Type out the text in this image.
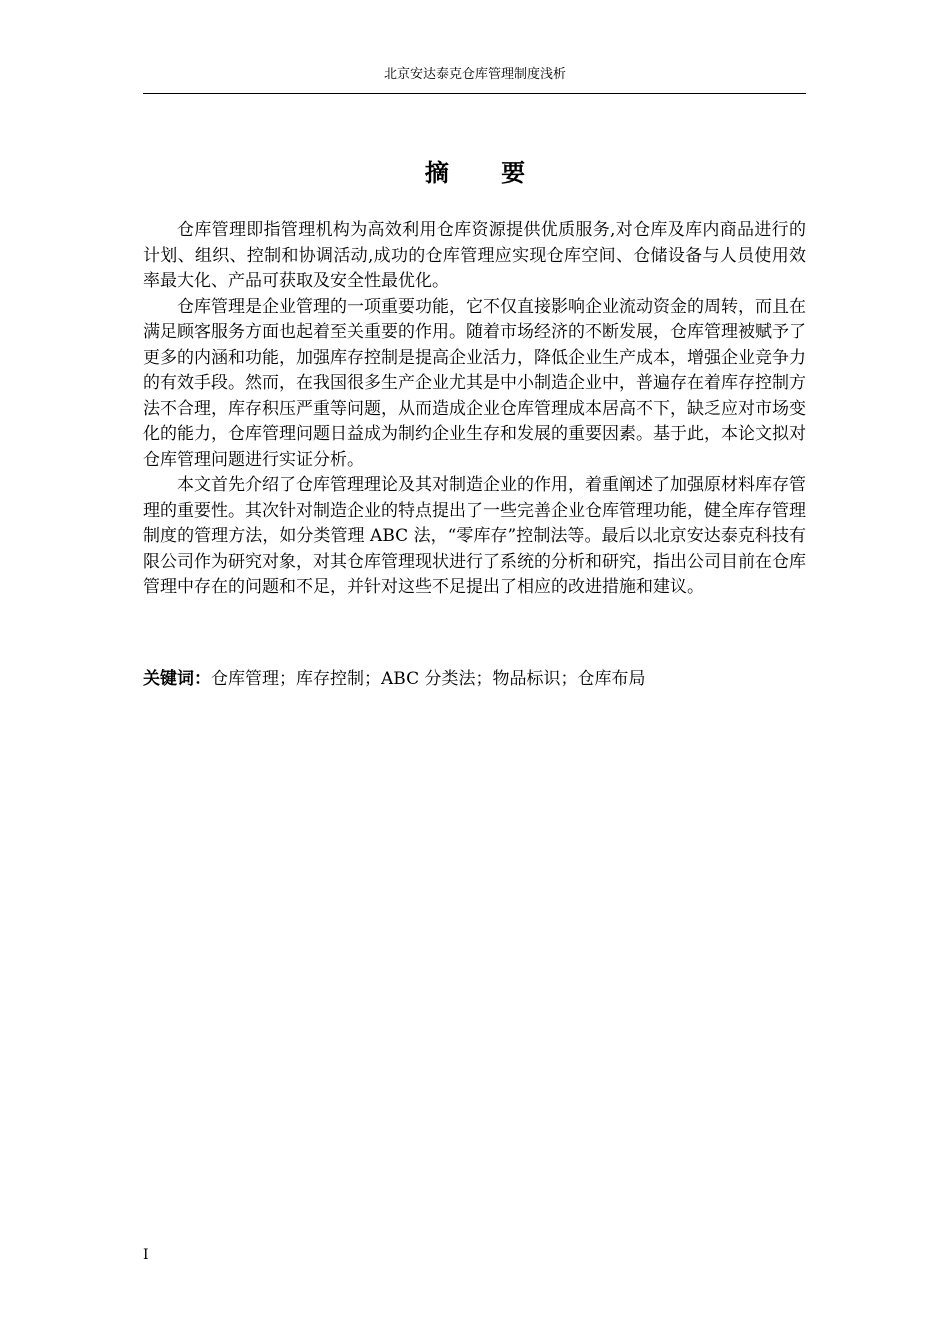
北京安达泰克仓库管理制度浅析
摘 要

仓库管理即指管理机构为高效利用仓库资源提供优质服务,对仓库及库内商品进行的计划、组织、控制和协调活动,成功的仓库管理应实现仓库空间、仓储设备与人员使用效率最大化、产品可获取及安全性最优化。

仓库管理是企业管理的一项重要功能，它不仅直接影响企业流动资金的周转，而且在满足顾客服务方面也起着至关重要的作用。随着市场经济的不断发展，仓库管理被赋予了更多的内涵和功能，加强库存控制是提高企业活力，降低企业生产成本，增强企业竞争力的有效手段。然而，在我国很多生产企业尤其是中小制造企业中，普遍存在着库存控制方法不合理，库存积压严重等问题，从而造成企业仓库管理成本居高不下，缺乏应对市场变化的能力，仓库管理问题日益成为制约企业生存和发展的重要因素。基于此，本论文拟对仓库管理问题进行实证分析。

本文首先介绍了仓库管理理论及其对制造企业的作用，着重阐述了加强原材料库存管理的重要性。其次针对制造企业的特点提出了一些完善企业仓库管理功能，健全库存管理制度的管理方法，如分类管理 ABC 法，“零库存”控制法等。最后以北京安达泰克科技有限公司作为研究对象，对其仓库管理现状进行了系统的分析和研究，指出公司目前在仓库管理中存在的问题和不足，并针对这些不足提出了相应的改进措施和建议。

关键词：仓库管理；库存控制；ABC 分类法；物品标识；仓库布局
I
